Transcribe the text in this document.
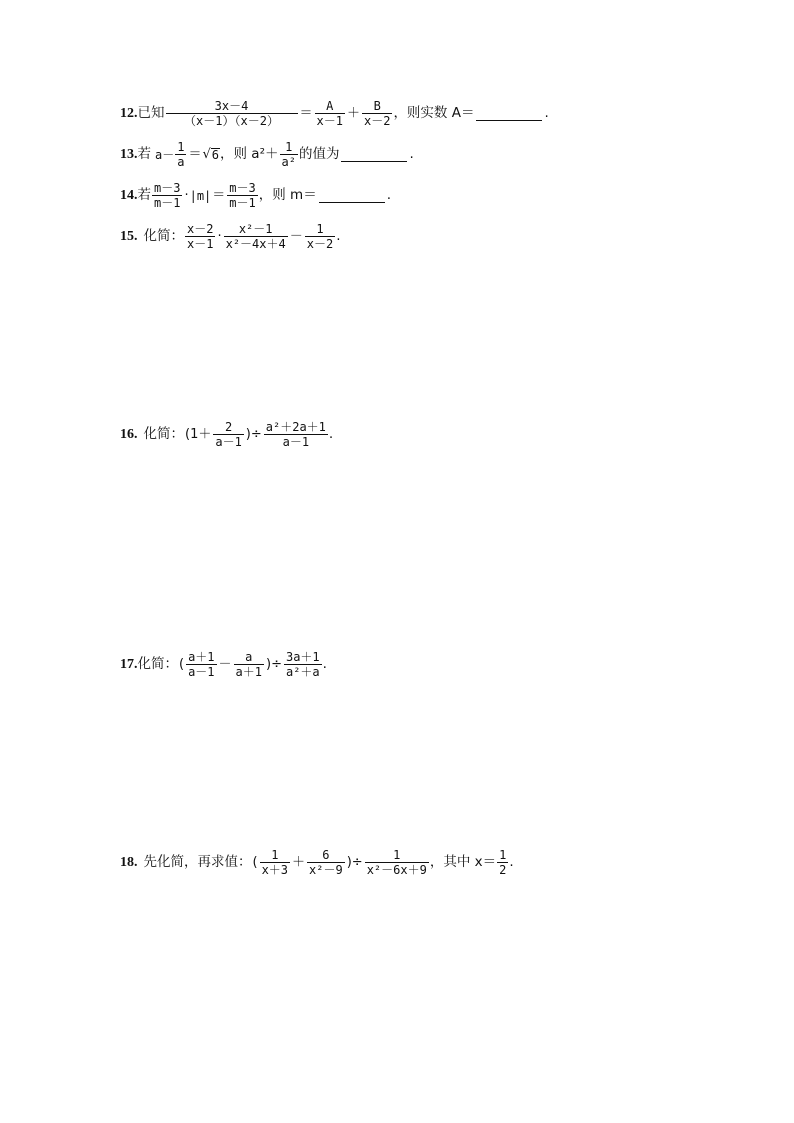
12. 已知 $\frac{3x-4}{(x-1)(x-2)} = \frac{A}{x-1} + \frac{B}{x-2}$ ，则实数 A＝	.
13. 若 $a- \frac{1}{a}$ ＝ √ 6 ，则 $a^2+ \frac{1}{\text{a²}}$ 的值为	.
14. 若 $\frac{m-3}{m-1} \cdot |m| = \frac{m-3}{m-1}$ ，则 m＝	.
15. 化简： $\frac{x-2}{x-1} \cdot \frac{\text{x²－1}}{\text{x²－4x＋4}} - \frac{1}{x-2}$ .
16. 化简： ($1+ \frac{2}{a-1}$ )÷ $\frac{\text{a²＋2a＋1}}{a-1}$ .
17. 化简： ( $\frac{a+1}{a-1} - \frac{a}{a+1}$ )÷ $\frac{3a+1}{\text{a²＋a}}$ .
18. 先化简，再求值： ( $\frac{1}{x+3} + \frac{6}{\text{x²－9}}$ )÷ $\frac{1}{\text{x²－6x＋9}}$ ，其中 $x= \frac{1}{2}$ .
